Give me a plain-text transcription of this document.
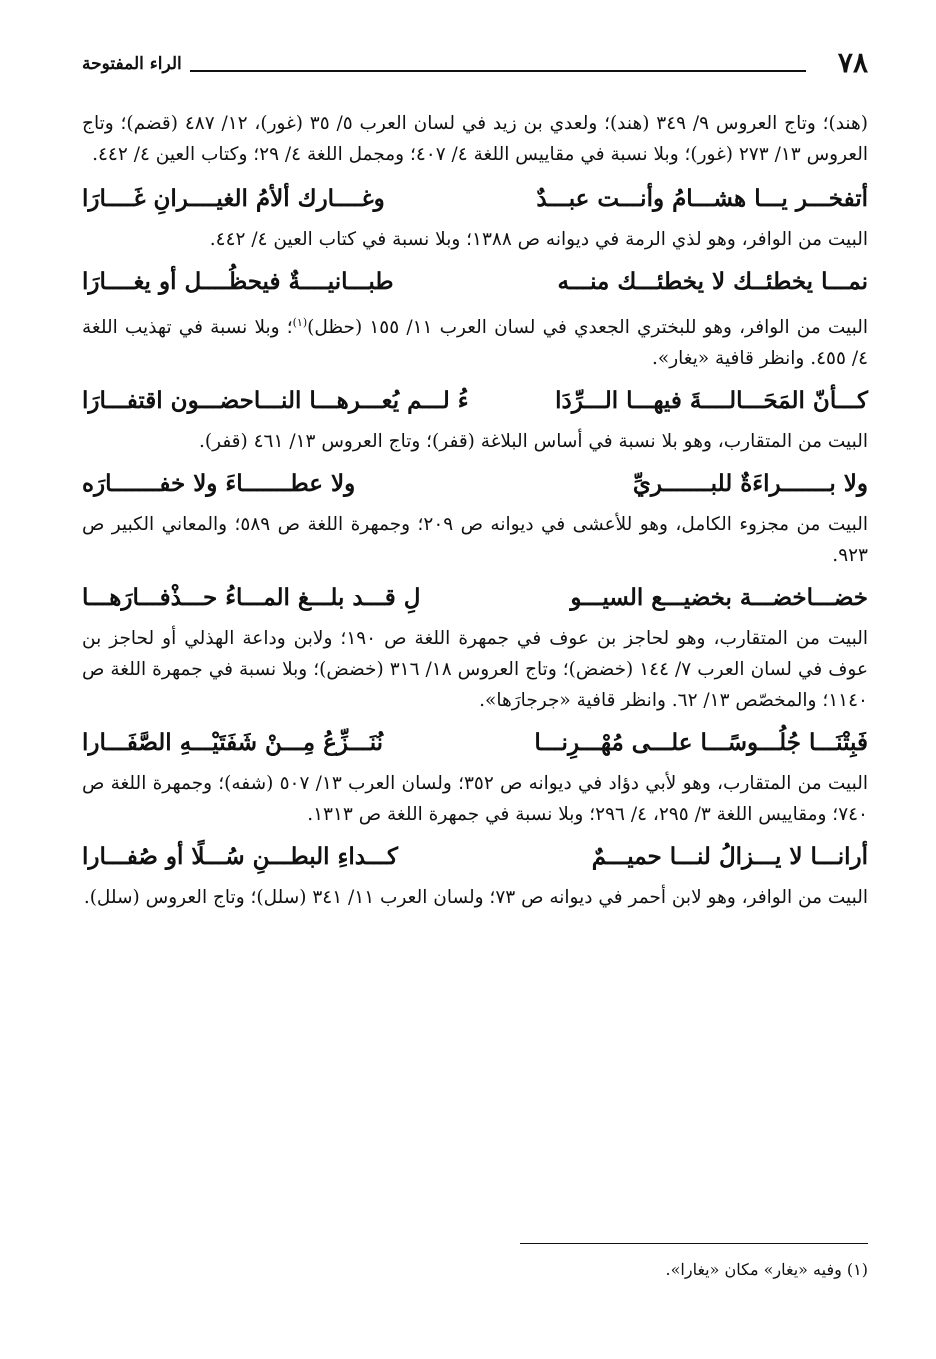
٧٨
الراء المفتوحة

(هند)؛ وتاج العروس ٩/ ٣٤٩ (هند)؛ ولعدي بن زيد في لسان العرب ٥/ ٣٥ (غور)، ١٢/ ٤٨٧ (قضم)؛ وتاج العروس ١٣/ ٢٧٣ (غور)؛ وبلا نسبة في مقاييس اللغة ٤/ ٤٠٧؛ ومجمل اللغة ٤/ ٢٩؛ وكتاب العين ٤/ ٤٤٢.

أتفخـــر يـــا هشـــامُ وأنـــت عبـــدٌ
وغــــارك ألأمُ الغيــــرانِ غَــــارَا

البيت من الوافر، وهو لذي الرمة في ديوانه ص ١٣٨٨؛ وبلا نسبة في كتاب العين ٤/ ٤٤٢.

نمـــا يخطئــك لا يخطئـــك منـــه
طبـــانيــــةٌ فيحظُــــل أو يغــــارَا

البيت من الوافر، وهو للبختري الجعدي في لسان العرب ١١/ ١٥٥ (حظل)$^{(١)}$؛ وبلا نسبة في تهذيب اللغة ٤/ ٤٥٥. وانظر قافية «يغار».

كـــأنّ المَحَـــالــــةَ فيهـــا الـــرِّدَا
ءُ لـــم يُعـــرهـــا النـــاحضـــون اقتفـــارَا

البيت من المتقارب، وهو بلا نسبة في أساس البلاغة (قفر)؛ وتاج العروس ١٣/ ٤٦١ (قفر).

ولا بـــــــراءَةٌ للبـــــــريِّ
ولا عطـــــــاءَ ولا خفـــــــارَه

البيت من مجزوء الكامل، وهو للأعشى في ديوانه ص ٢٠٩؛ وجمهرة اللغة ص ٥٨٩؛ والمعاني الكبير ص ٩٢٣.

خضـــاخضـــة بخضيـــع السيـــو
لِ قـــد بلـــغ المـــاءُ حـــذْفـــارَهـــا

البيت من المتقارب، وهو لحاجز بن عوف في جمهرة اللغة ص ١٩٠؛ ولابن وداعة الهذلي أو لحاجز بن عوف في لسان العرب ٧/ ١٤٤ (خضض)؛ وتاج العروس ١٨/ ٣١٦ (خضض)؛ وبلا نسبة في جمهرة اللغة ص ١١٤٠؛ والمخصّص ١٣/ ٦٢. وانظر قافية «جرجارَها».

فَبِتْنَـــا جُلُـــوسًـــا علـــى مُهْـــرِنـــا
نُنَـــزِّعُ مِـــنْ شَفَتَيْـــهِ الصَّفَـــارا

البيت من المتقارب، وهو لأبي دؤاد في ديوانه ص ٣٥٢؛ ولسان العرب ١٣/ ٥٠٧ (شفه)؛ وجمهرة اللغة ص ٧٤٠؛ ومقاييس اللغة ٣/ ٢٩٥، ٤/ ٢٩٦؛ وبلا نسبة في جمهرة اللغة ص ١٣١٣.

أرانـــا لا يـــزالُ لنـــا حميـــمٌ
كـــداءِ البطـــنِ سُـــلًا أو صُفـــارا

البيت من الوافر، وهو لابن أحمر في ديوانه ص ٧٣؛ ولسان العرب ١١/ ٣٤١ (سلل)؛ وتاج العروس (سلل).

(١) وفيه «يغار» مكان «يغارا».
